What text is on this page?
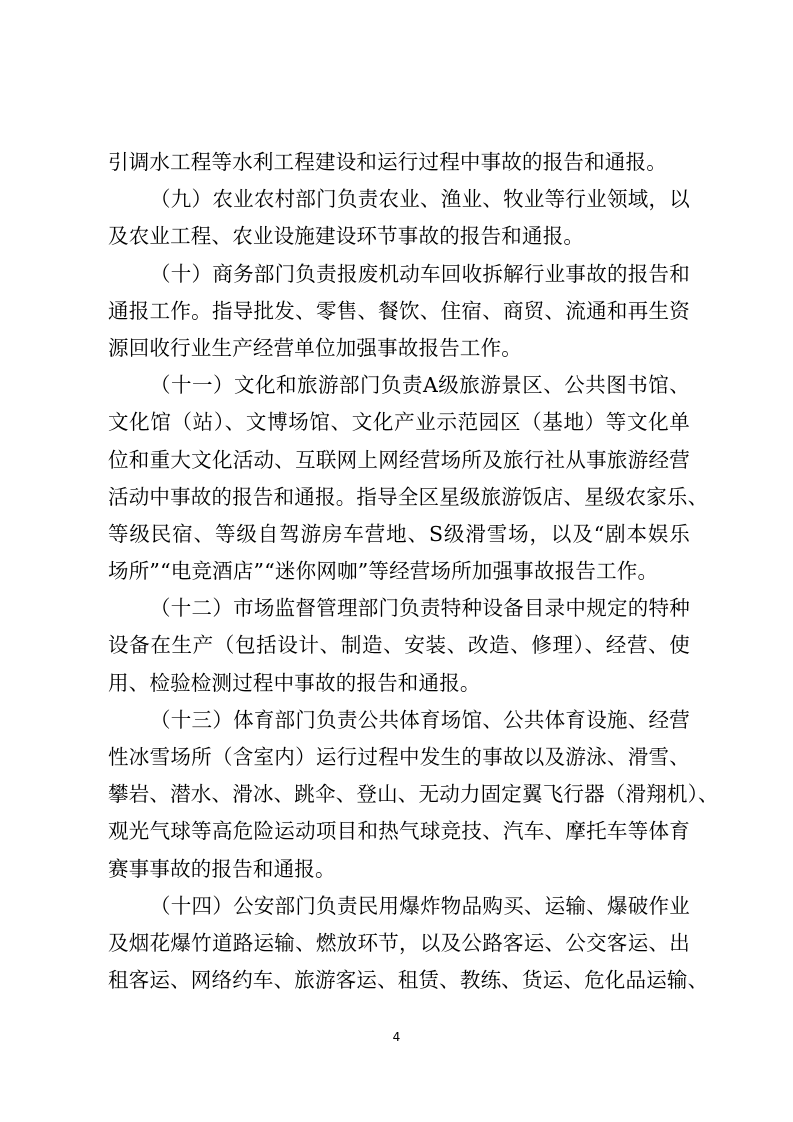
引调水工程等水利工程建设和运行过程中事故的报告和通报。
（九）农业农村部门负责农业、渔业、牧业等行业领域，以
及农业工程、农业设施建设环节事故的报告和通报。
（十）商务部门负责报废机动车回收拆解行业事故的报告和
通报工作。指导批发、零售、餐饮、住宿、商贸、流通和再生资
源回收行业生产经营单位加强事故报告工作。
（十一）文化和旅游部门负责A级旅游景区、公共图书馆、
文化馆（站）、文博场馆、文化产业示范园区（基地）等文化单
位和重大文化活动、互联网上网经营场所及旅行社从事旅游经营
活动中事故的报告和通报。指导全区星级旅游饭店、星级农家乐、
等级民宿、等级自驾游房车营地、S级滑雪场，以及“剧本娱乐
场所”“电竞酒店”“迷你网咖”等经营场所加强事故报告工作。
（十二）市场监督管理部门负责特种设备目录中规定的特种
设备在生产（包括设计、制造、安装、改造、修理）、经营、使
用、检验检测过程中事故的报告和通报。
（十三）体育部门负责公共体育场馆、公共体育设施、经营
性冰雪场所（含室内）运行过程中发生的事故以及游泳、滑雪、
攀岩、潜水、滑冰、跳伞、登山、无动力固定翼飞行器（滑翔机）、
观光气球等高危险运动项目和热气球竞技、汽车、摩托车等体育
赛事事故的报告和通报。
（十四）公安部门负责民用爆炸物品购买、运输、爆破作业
及烟花爆竹道路运输、燃放环节，以及公路客运、公交客运、出
租客运、网络约车、旅游客运、租赁、教练、货运、危化品运输、
4
